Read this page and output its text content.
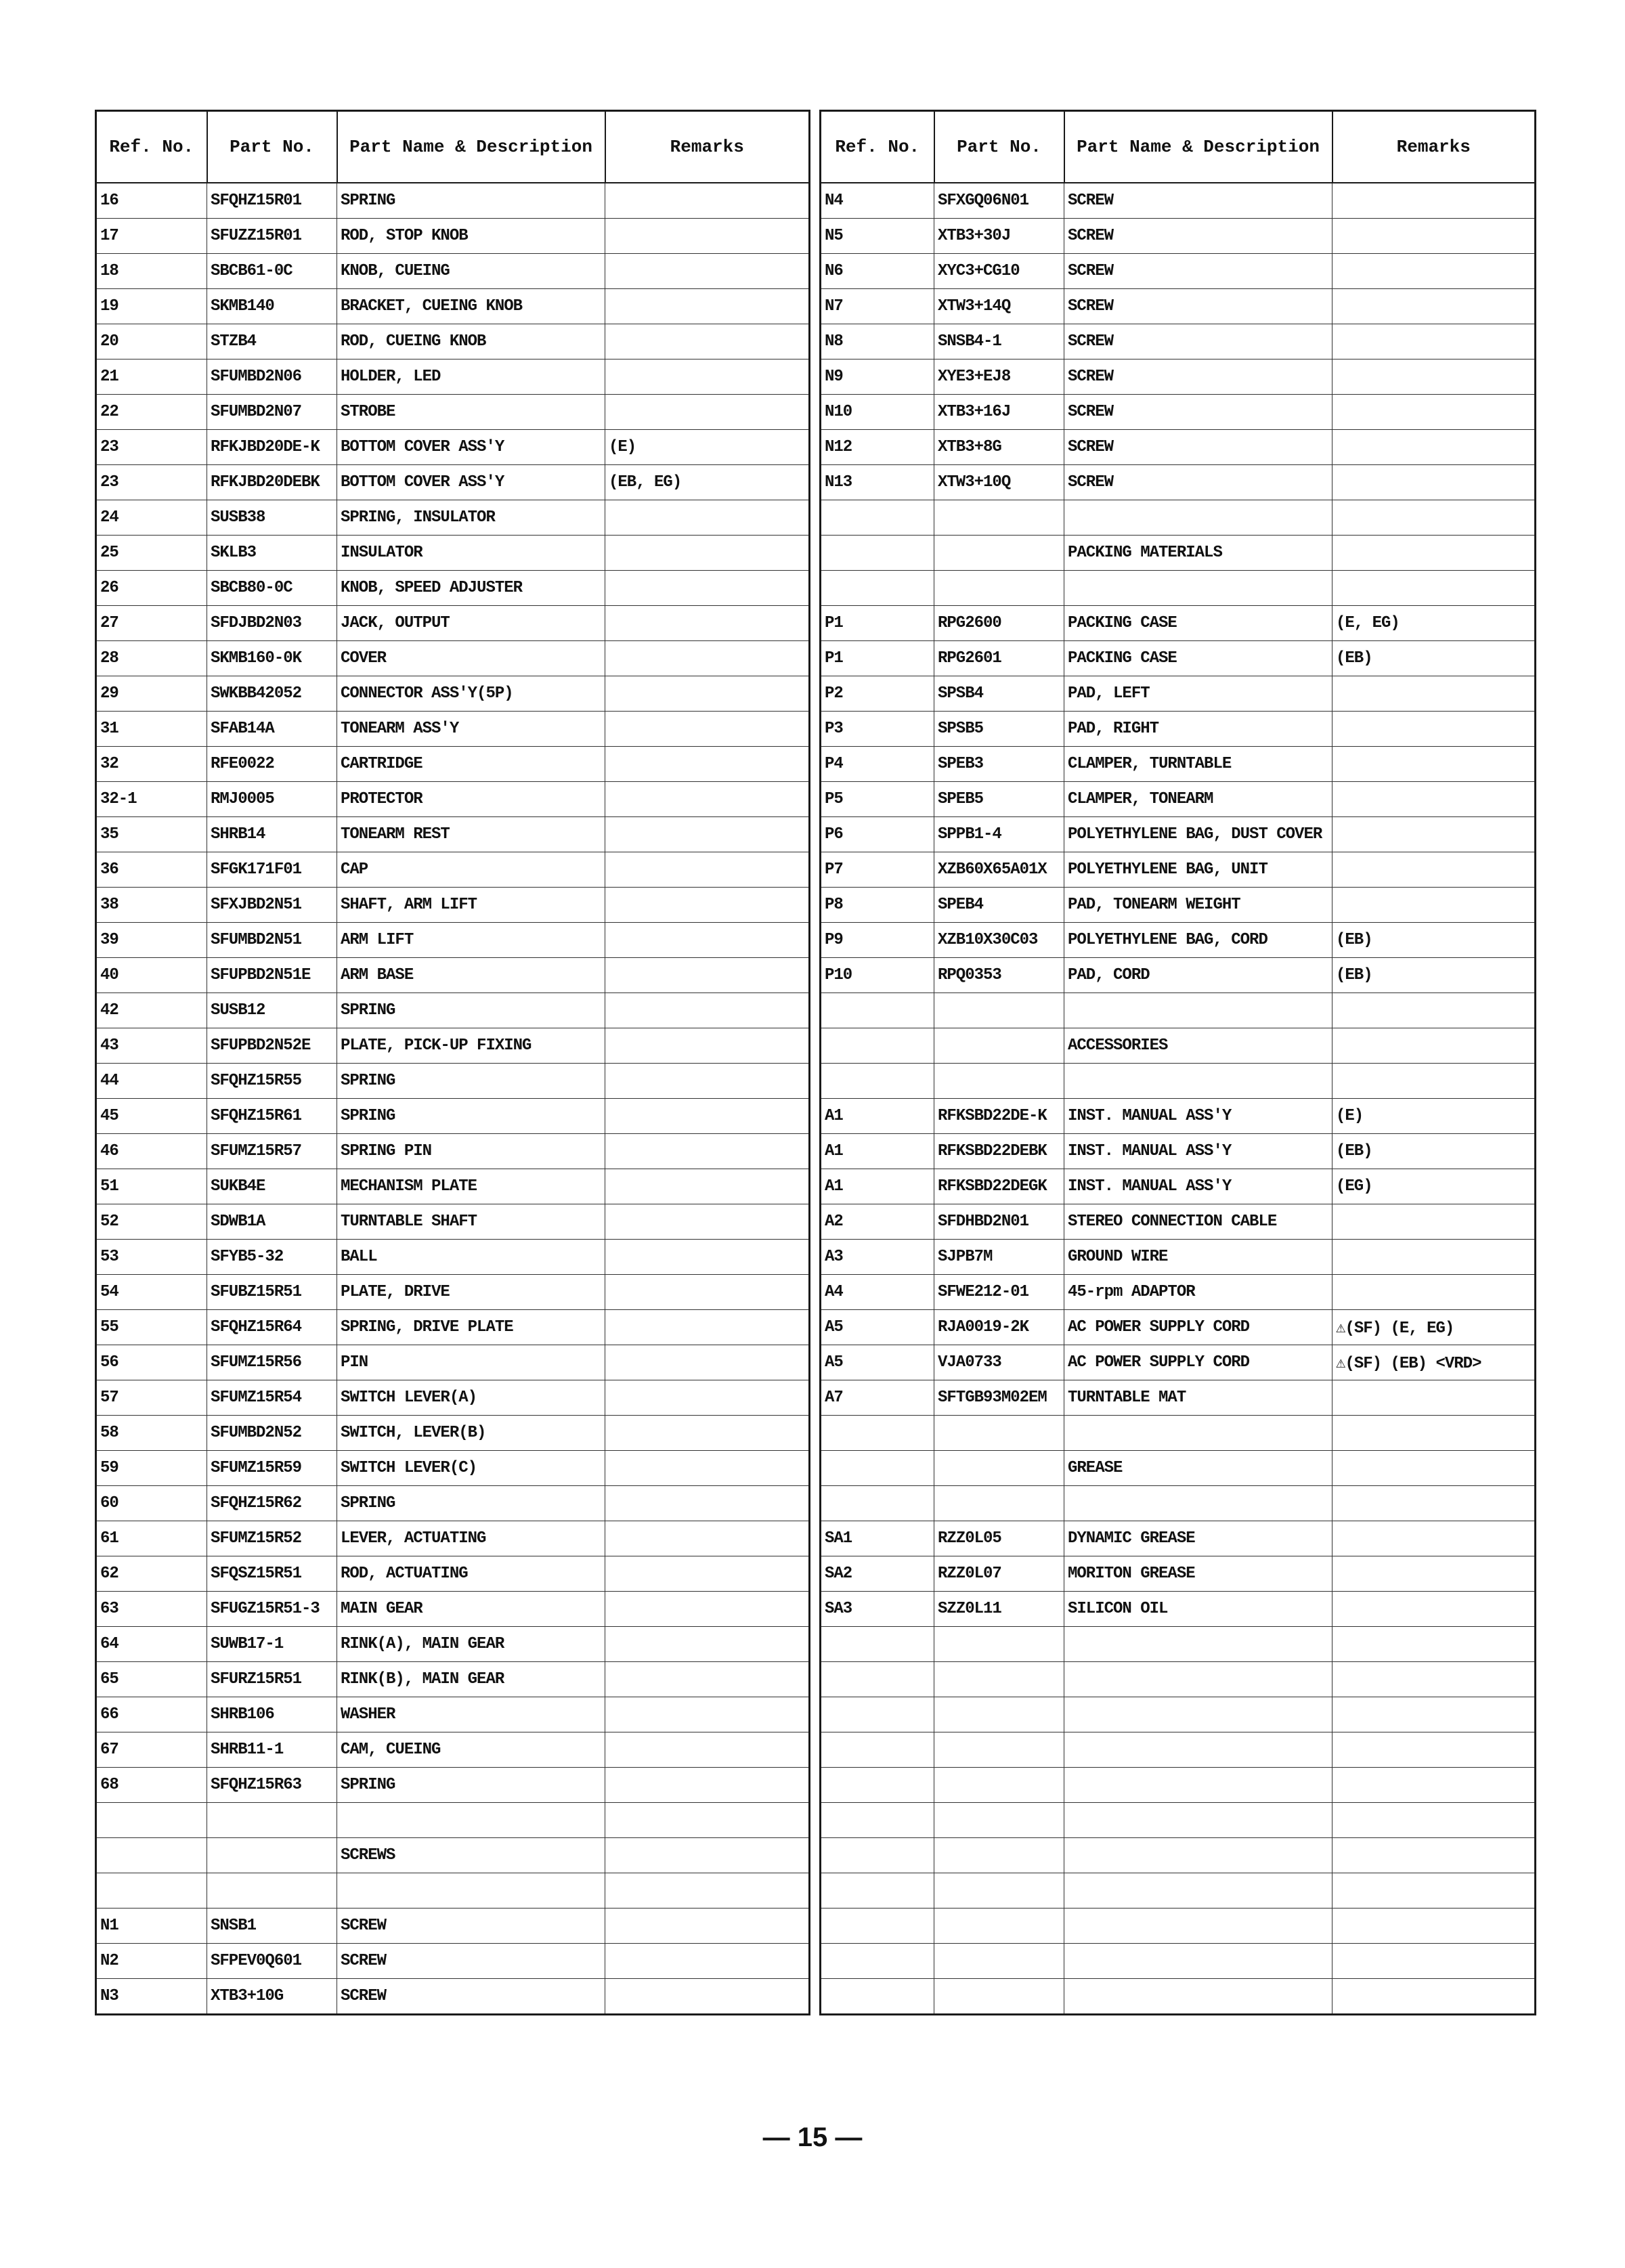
Ref. No.	Part No.	Part Name & Description	Remarks
16	SFQHZ15R01	SPRING	
17	SFUZZ15R01	ROD, STOP KNOB	
18	SBCB61-0C	KNOB, CUEING	
19	SKMB140	BRACKET, CUEING KNOB	
20	STZB4	ROD, CUEING KNOB	
21	SFUMBD2N06	HOLDER, LED	
22	SFUMBD2N07	STROBE	
23	RFKJBD20DE-K	BOTTOM COVER ASS'Y	(E)
23	RFKJBD20DEBK	BOTTOM COVER ASS'Y	(EB, EG)
24	SUSB38	SPRING, INSULATOR	
25	SKLB3	INSULATOR	
26	SBCB80-0C	KNOB, SPEED ADJUSTER	
27	SFDJBD2N03	JACK, OUTPUT	
28	SKMB160-0K	COVER	
29	SWKBB42052	CONNECTOR ASS'Y(5P)	
31	SFAB14A	TONEARM ASS'Y	
32	RFE0022	CARTRIDGE	
32-1	RMJ0005	PROTECTOR	
35	SHRB14	TONEARM REST	
36	SFGK171F01	CAP	
38	SFXJBD2N51	SHAFT, ARM LIFT	
39	SFUMBD2N51	ARM LIFT	
40	SFUPBD2N51E	ARM BASE	
42	SUSB12	SPRING	
43	SFUPBD2N52E	PLATE, PICK-UP FIXING	
44	SFQHZ15R55	SPRING	
45	SFQHZ15R61	SPRING	
46	SFUMZ15R57	SPRING PIN	
51	SUKB4E	MECHANISM PLATE	
52	SDWB1A	TURNTABLE SHAFT	
53	SFYB5-32	BALL	
54	SFUBZ15R51	PLATE, DRIVE	
55	SFQHZ15R64	SPRING, DRIVE PLATE	
56	SFUMZ15R56	PIN	
57	SFUMZ15R54	SWITCH LEVER(A)	
58	SFUMBD2N52	SWITCH, LEVER(B)	
59	SFUMZ15R59	SWITCH LEVER(C)	
60	SFQHZ15R62	SPRING	
61	SFUMZ15R52	LEVER, ACTUATING	
62	SFQSZ15R51	ROD, ACTUATING	
63	SFUGZ15R51-3	MAIN GEAR	
64	SUWB17-1	RINK(A), MAIN GEAR	
65	SFURZ15R51	RINK(B), MAIN GEAR	
66	SHRB106	WASHER	
67	SHRB11-1	CAM, CUEING	
68	SFQHZ15R63	SPRING	

		SCREWS	

N1	SNSB1	SCREW	
N2	SFPEV0Q601	SCREW	
N3	XTB3+10G	SCREW	
Ref. No.	Part No.	Part Name & Description	Remarks
N4	SFXGQ06N01	SCREW	
N5	XTB3+30J	SCREW	
N6	XYC3+CG10	SCREW	
N7	XTW3+14Q	SCREW	
N8	SNSB4-1	SCREW	
N9	XYE3+EJ8	SCREW	
N10	XTB3+16J	SCREW	
N12	XTB3+8G	SCREW	
N13	XTW3+10Q	SCREW	

		PACKING MATERIALS	

P1	RPG2600	PACKING CASE	(E, EG)
P1	RPG2601	PACKING CASE	(EB)
P2	SPSB4	PAD, LEFT	
P3	SPSB5	PAD, RIGHT	
P4	SPEB3	CLAMPER, TURNTABLE	
P5	SPEB5	CLAMPER, TONEARM	
P6	SPPB1-4	POLYETHYLENE BAG, DUST COVER	
P7	XZB60X65A01X	POLYETHYLENE BAG, UNIT	
P8	SPEB4	PAD, TONEARM WEIGHT	
P9	XZB10X30C03	POLYETHYLENE BAG, CORD	(EB)
P10	RPQ0353	PAD, CORD	(EB)

		ACCESSORIES	

A1	RFKSBD22DE-K	INST. MANUAL ASS'Y	(E)
A1	RFKSBD22DEBK	INST. MANUAL ASS'Y	(EB)
A1	RFKSBD22DEGK	INST. MANUAL ASS'Y	(EG)
A2	SFDHBD2N01	STEREO CONNECTION CABLE	
A3	SJPB7M	GROUND WIRE	
A4	SFWE212-01	45-rpm ADAPTOR	
A5	RJA0019-2K	AC POWER SUPPLY CORD	⚠(SF) (E, EG)
A5	VJA0733	AC POWER SUPPLY CORD	⚠(SF) (EB) <VRD>
A7	SFTGB93M02EM	TURNTABLE MAT	

		GREASE	

SA1	RZZ0L05	DYNAMIC GREASE	
SA2	RZZ0L07	MORITON GREASE	
SA3	SZZ0L11	SILICON OIL	

— 15 —
